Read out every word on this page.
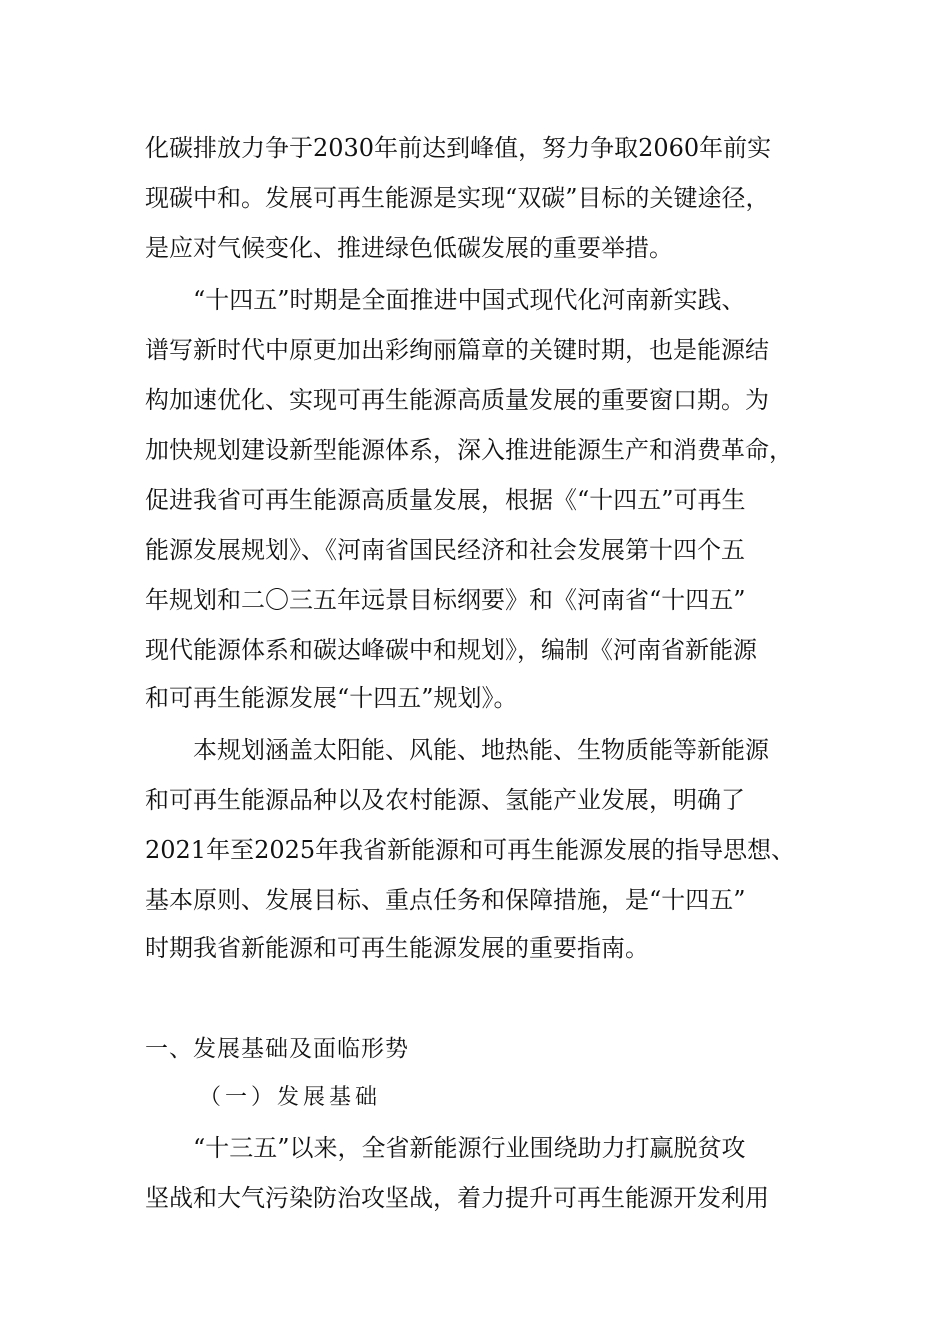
化碳排放力争于2030年前达到峰值，努力争取2060年前实
现碳中和。发展可再生能源是实现“双碳”目标的关键途径，
是应对气候变化、推进绿色低碳发展的重要举措。
“十四五”时期是全面推进中国式现代化河南新实践、
谱写新时代中原更加出彩绚丽篇章的关键时期，也是能源结
构加速优化、实现可再生能源高质量发展的重要窗口期。为
加快规划建设新型能源体系，深入推进能源生产和消费革命，
促进我省可再生能源高质量发展，根据《“十四五”可再生
能源发展规划》、《河南省国民经济和社会发展第十四个五
年规划和二〇三五年远景目标纲要》和《河南省“十四五”
现代能源体系和碳达峰碳中和规划》，编制《河南省新能源
和可再生能源发展“十四五”规划》。
本规划涵盖太阳能、风能、地热能、生物质能等新能源
和可再生能源品种以及农村能源、氢能产业发展，明确了
2021年至2025年我省新能源和可再生能源发展的指导思想、
基本原则、发展目标、重点任务和保障措施，是“十四五”
时期我省新能源和可再生能源发展的重要指南。
一、发展基础及面临形势
（一）发展基础
“十三五”以来，全省新能源行业围绕助力打赢脱贫攻
坚战和大气污染防治攻坚战，着力提升可再生能源开发利用
